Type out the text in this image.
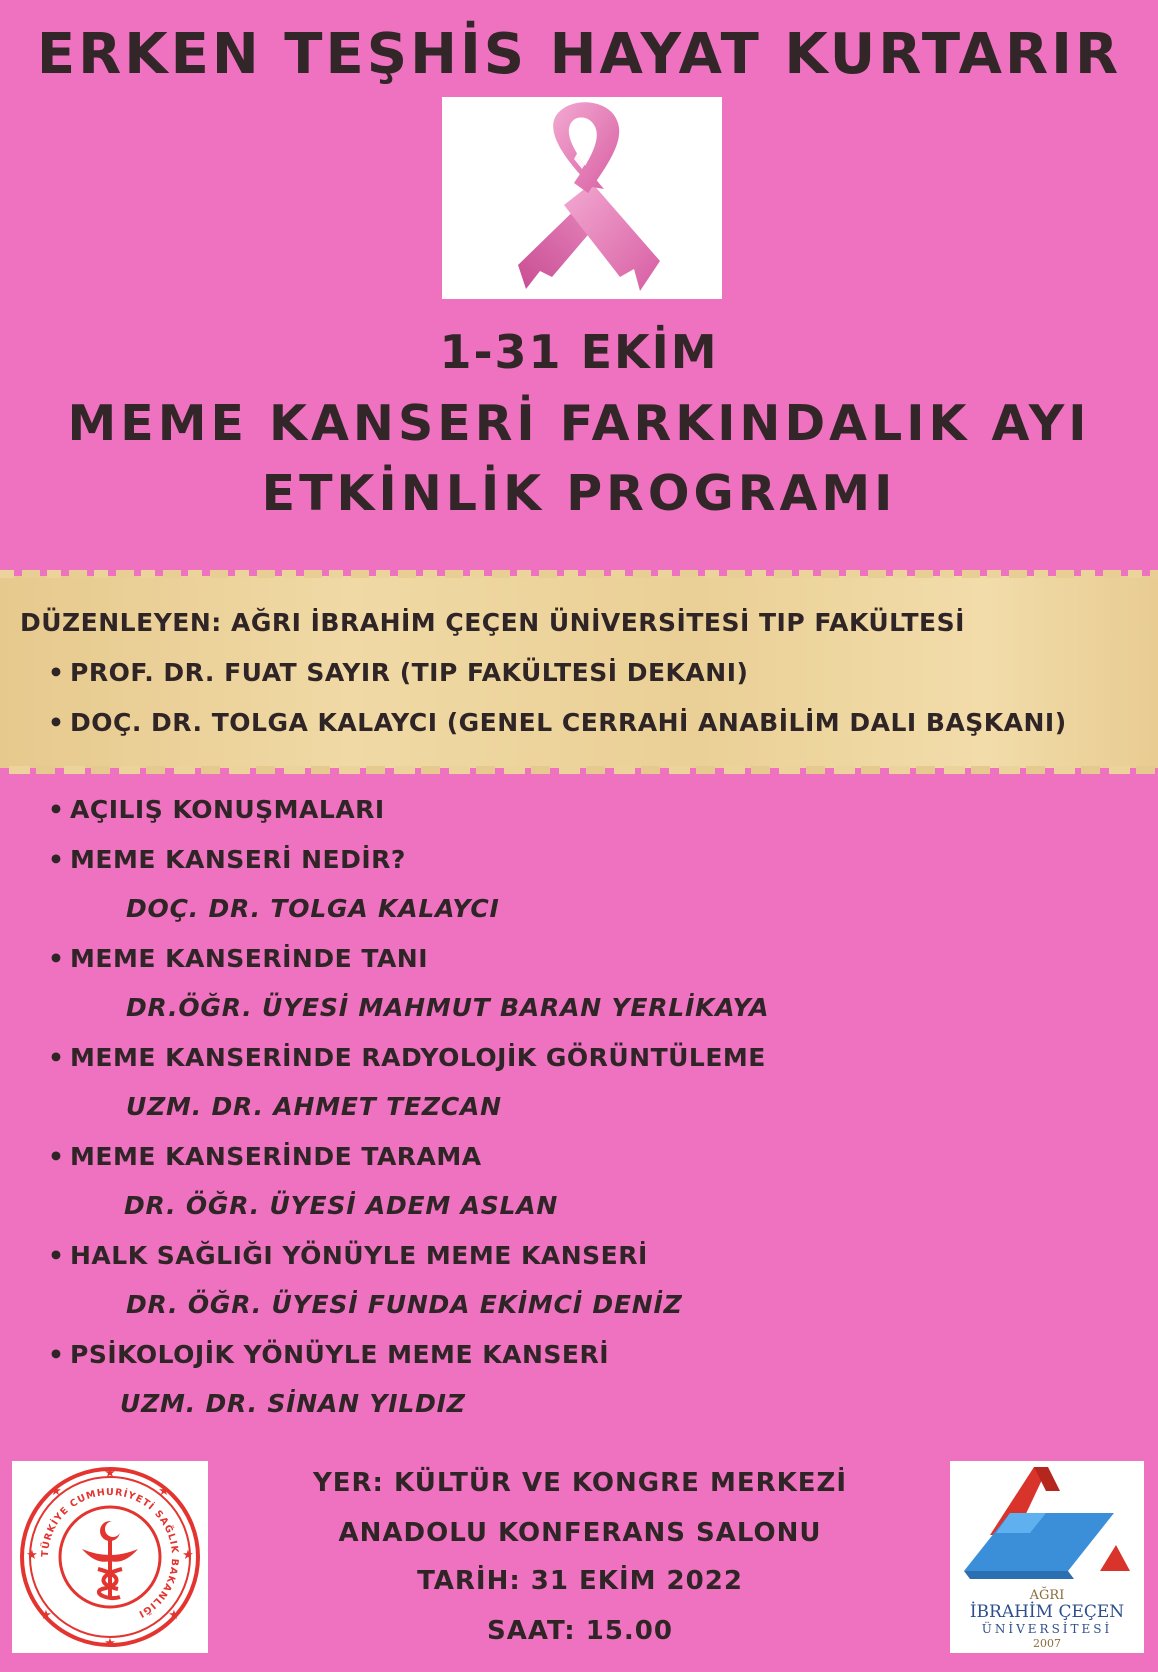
ERKEN TEŞHİS HAYAT KURTARIR
1-31 EKİM
MEME KANSERİ FARKINDALIK AYI
ETKİNLİK PROGRAMI
DÜZENLEYEN: AĞRI İBRAHİM ÇEÇEN ÜNİVERSİTESİ TIP FAKÜLTESİ
• PROF. DR. FUAT SAYIR (TIP FAKÜLTESİ DEKANI)
• DOÇ. DR. TOLGA KALAYCI (GENEL CERRAHİ ANABİLİM DALI BAŞKANI)
• AÇILIŞ KONUŞMALARI
• MEME KANSERİ NEDİR?
DOÇ. DR. TOLGA KALAYCI
• MEME KANSERİNDE TANI
DR.ÖĞR. ÜYESİ MAHMUT BARAN YERLİKAYA
• MEME KANSERİNDE RADYOLOJİK GÖRÜNTÜLEME
UZM. DR. AHMET TEZCAN
• MEME KANSERİNDE TARAMA
DR. ÖĞR. ÜYESİ ADEM ASLAN
• HALK SAĞLIĞI YÖNÜYLE MEME KANSERİ
DR. ÖĞR. ÜYESİ FUNDA EKİMCİ DENİZ
• PSİKOLOJİK YÖNÜYLE MEME KANSERİ
UZM. DR. SİNAN YILDIZ
★
★	★
★	★
★	★
★
TÜRKİYE CUMHURİYETİ SAĞLIK BAKANLIĞI
YER: KÜLTÜR VE KONGRE MERKEZİ
ANADOLU KONFERANS SALONU
TARİH: 31 EKİM 2022
SAAT: 15.00
AĞRI
İBRAHİM ÇEÇEN
ÜNİVERSİTESİ
2007
